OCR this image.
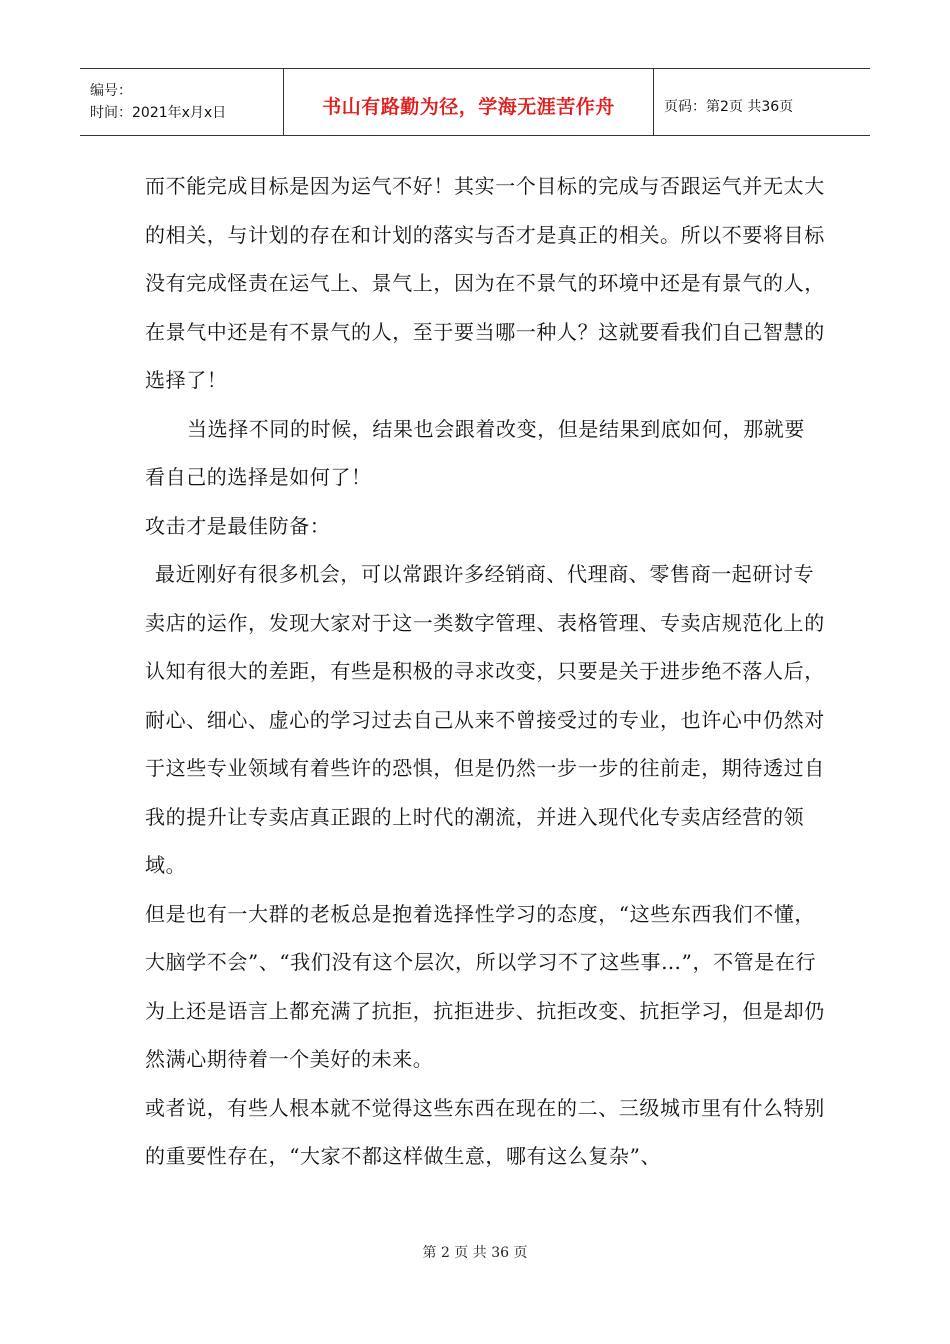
编号：
时间：2021年x月x日	书山有路勤为径，学海无涯苦作舟	页码：第2页 共36页

而不能完成目标是因为运气不好！其实一个目标的完成与否跟运气并无太大的相关，与计划的存在和计划的落实与否才是真正的相关。所以不要将目标没有完成怪责在运气上、景气上，因为在不景气的环境中还是有景气的人，在景气中还是有不景气的人，至于要当哪一种人？这就要看我们自己智慧的选择了！

当选择不同的时候，结果也会跟着改变，但是结果到底如何，那就要看自己的选择是如何了！

攻击才是最佳防备：

最近刚好有很多机会，可以常跟许多经销商、代理商、零售商一起研讨专卖店的运作，发现大家对于这一类数字管理、表格管理、专卖店规范化上的认知有很大的差距，有些是积极的寻求改变，只要是关于进步绝不落人后，耐心、细心、虚心的学习过去自己从来不曾接受过的专业，也许心中仍然对于这些专业领域有着些许的恐惧，但是仍然一步一步的往前走，期待透过自我的提升让专卖店真正跟的上时代的潮流，并进入现代化专卖店经营的领域。

但是也有一大群的老板总是抱着选择性学习的态度，“这些东西我们不懂，大脑学不会”、“我们没有这个层次，所以学习不了这些事…”，不管是在行为上还是语言上都充满了抗拒，抗拒进步、抗拒改变、抗拒学习，但是却仍然满心期待着一个美好的未来。

或者说，有些人根本就不觉得这些东西在现在的二、三级城市里有什么特别的重要性存在，“大家不都这样做生意，哪有这么复杂”、

第 2 页 共 36 页
